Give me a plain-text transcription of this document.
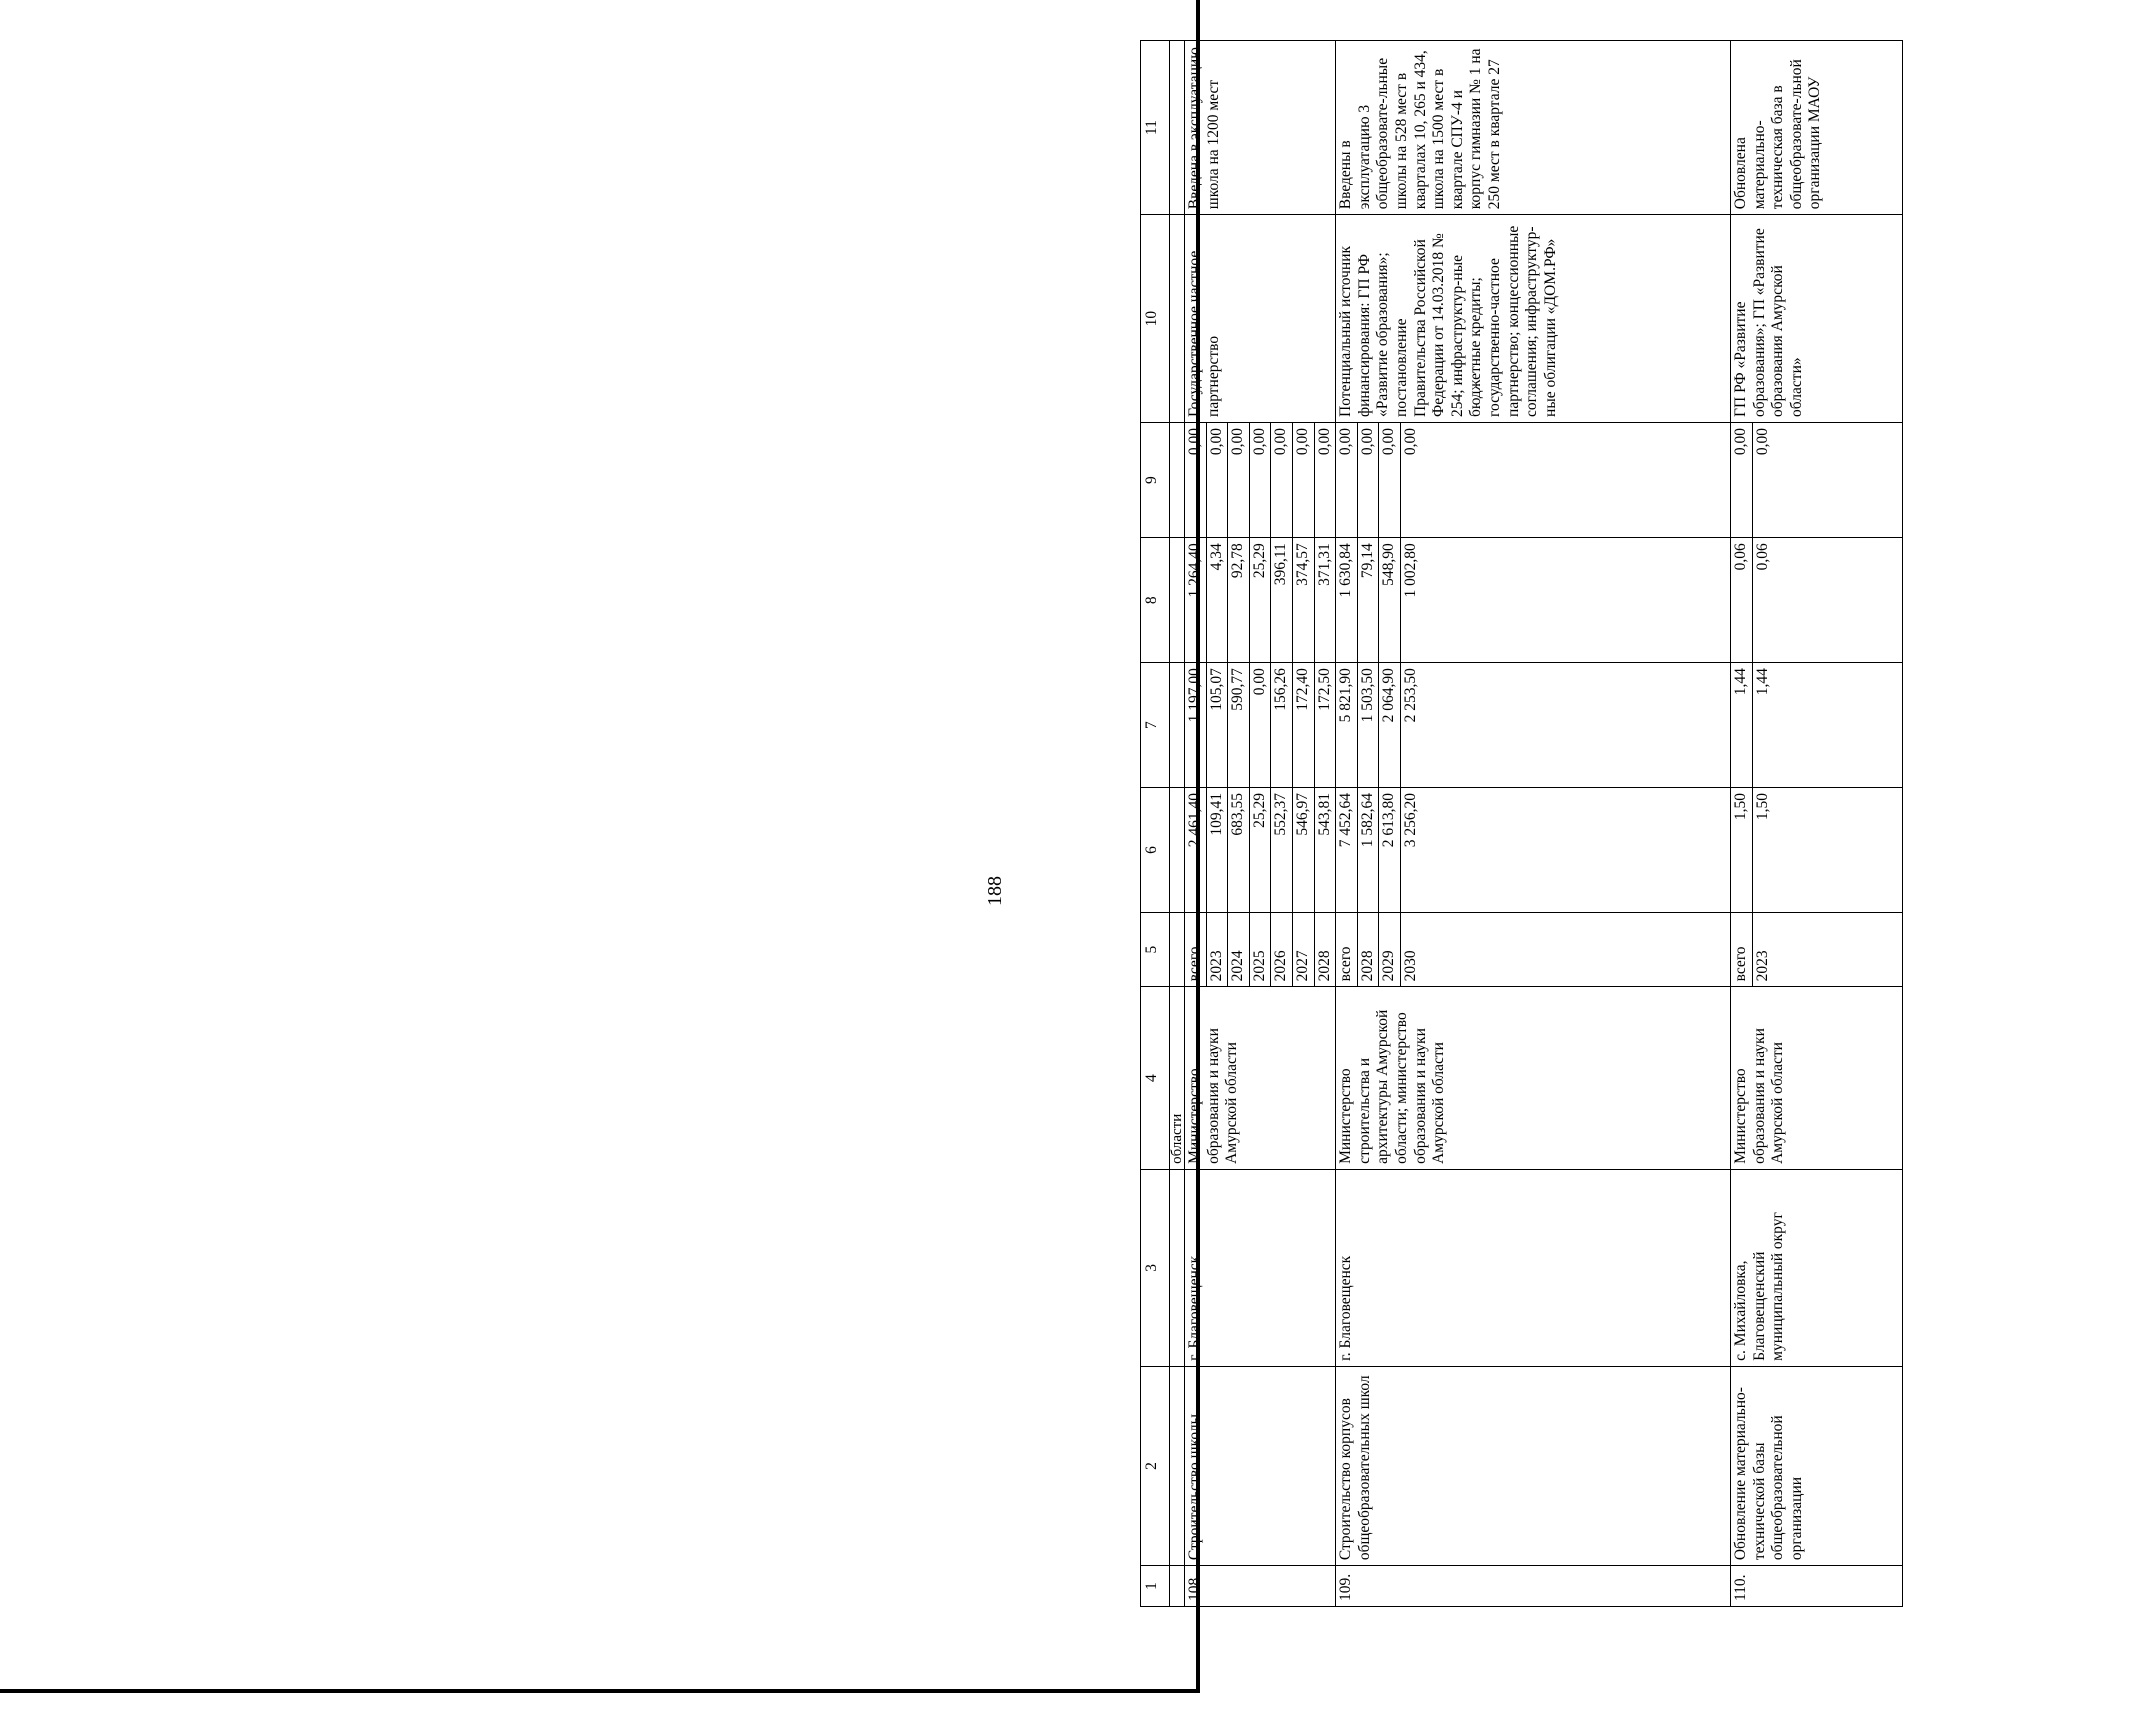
188
1	2	3	4	5	6	7	8	9	10	11
			области							
108.	Строительство школы	г. Благовещенск	Министерство образования и науки Амурской области	всего	2 461,40	1 197,00	1 264,40	0,00	Государственное частное партнерство	Введена в эксплуатацию школа на 1200 мест
				2023	109,41	105,07	4,34	0,00		
				2024	683,55	590,77	92,78	0,00		
				2025	25,29	0,00	25,29	0,00		
				2026	552,37	156,26	396,11	0,00		
				2027	546,97	172,40	374,57	0,00		
				2028	543,81	172,50	371,31	0,00		
109.	Строительство корпусов общеобразовательных школ	г. Благовещенск	Министерство строительства и архитектуры Амурской области; министерство образования и науки Амурской области	всего	7 452,64	5 821,90	1 630,84	0,00	Потенциальный источник финансирования: ГП РФ «Развитие образования»; постановление Правительства Российской Федерации от 14.03.2018 № 254; инфраструктур-ные бюджетные кредиты; государственно-частное партнерство; концессионные соглашения; инфраструктур-ные облигации «ДОМ.РФ»	Введены в эксплуатацию 3 общеобразовате-льные школы на 528 мест в кварталах 10, 265 и 434, школа на 1500 мест в квартале СПУ-4 и корпус гимназии № 1 на 250 мест в квартале 27
				2028	1 582,64	1 503,50	79,14	0,00		
				2029	2 613,80	2 064,90	548,90	0,00		
				2030	3 256,20	2 253,50	1 002,80	0,00		
110.	Обновление материально-технической базы общеобразовательной организации	с. Михайловка, Благовещенский муниципальный округ	Министерство образования и науки Амурской области	всего	1,50	1,44	0,06	0,00	ГП РФ «Развитие образования»; ГП «Развитие образования Амурской области»	Обновлена материально-техническая база в общеобразовате-льной организации МАОУ
				2023	1,50	1,44	0,06	0,00		
